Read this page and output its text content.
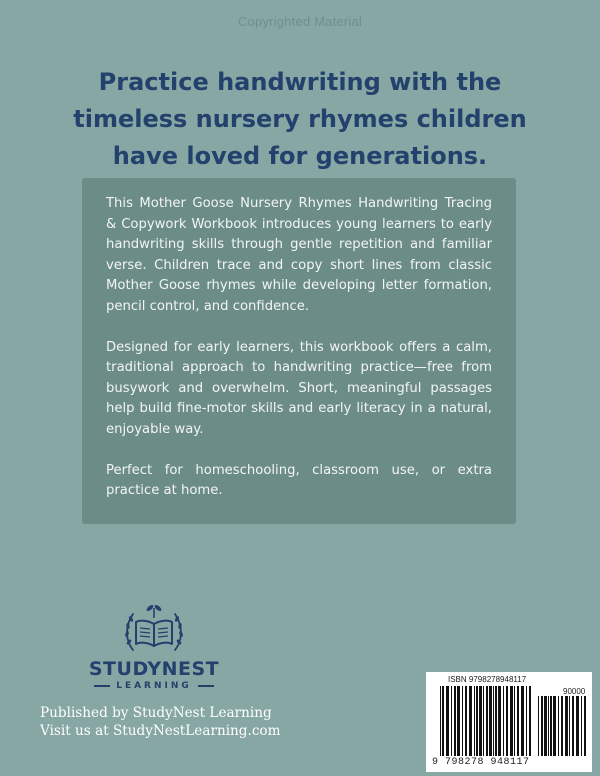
Copyrighted Material
Practice handwriting with the timeless nursery rhymes children have loved for generations.

This Mother Goose Nursery Rhymes Handwriting Tracing & Copywork Workbook introduces young learners to early handwriting skills through gentle repetition and familiar verse. Children trace and copy short lines from classic Mother Goose rhymes while developing letter formation, pencil control, and confidence.

Designed for early learners, this workbook offers a calm, traditional approach to handwriting practice—free from busywork and overwhelm. Short, meaningful passages help build fine-motor skills and early literacy in a natural, enjoyable way.

Perfect for homeschooling, classroom use, or extra practice at home.

STUDYNEST
LEARNING
Published by StudyNest Learning
Visit us at StudyNestLearning.com
ISBN 9798278948117
90000
9 798278 948117
